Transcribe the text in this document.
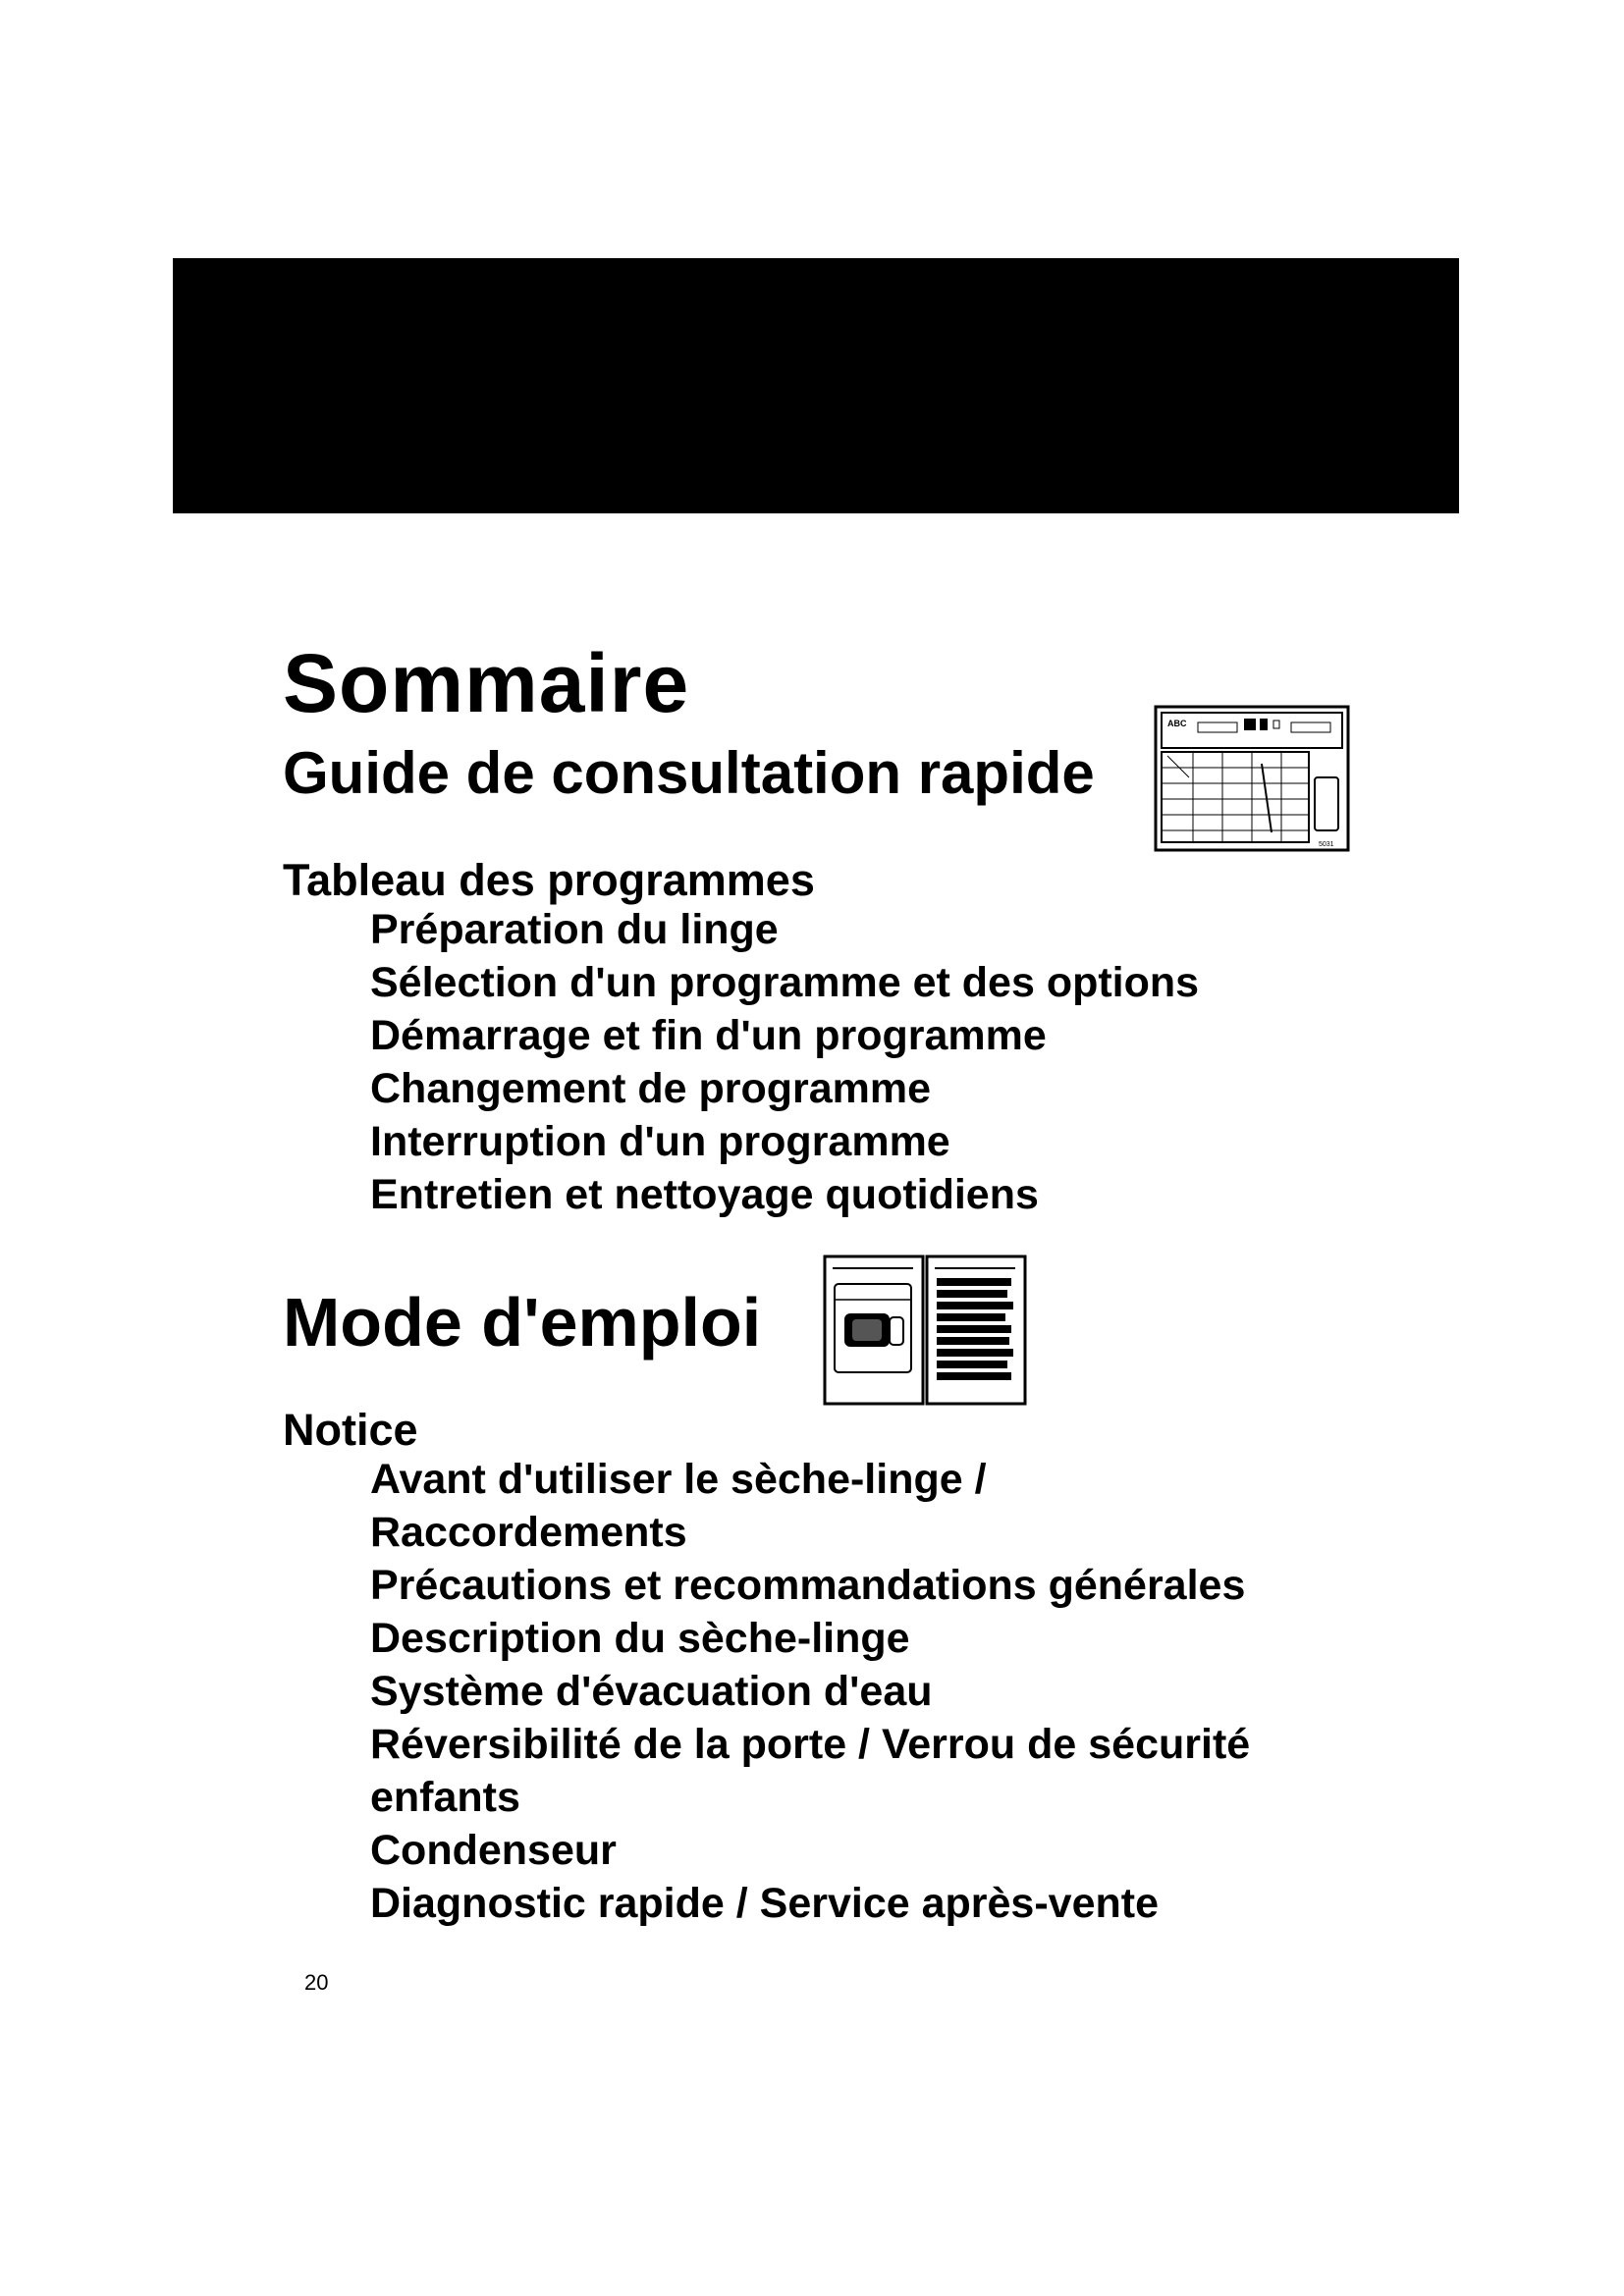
Sommaire
Guide de consultation rapide
ABC
5031
Tableau des programmes
Préparation du linge
Sélection d'un programme et des options
Démarrage et fin d'un programme
Changement de programme
Interruption d'un programme
Entretien et nettoyage quotidiens
Mode d'emploi
Notice
Avant d'utiliser le sèche-linge /
Raccordements
Précautions et recommandations générales
Description du sèche-linge
Système d'évacuation d'eau
Réversibilité de la porte / Verrou de sécurité
enfants
Condenseur
Diagnostic rapide / Service après-vente
20
